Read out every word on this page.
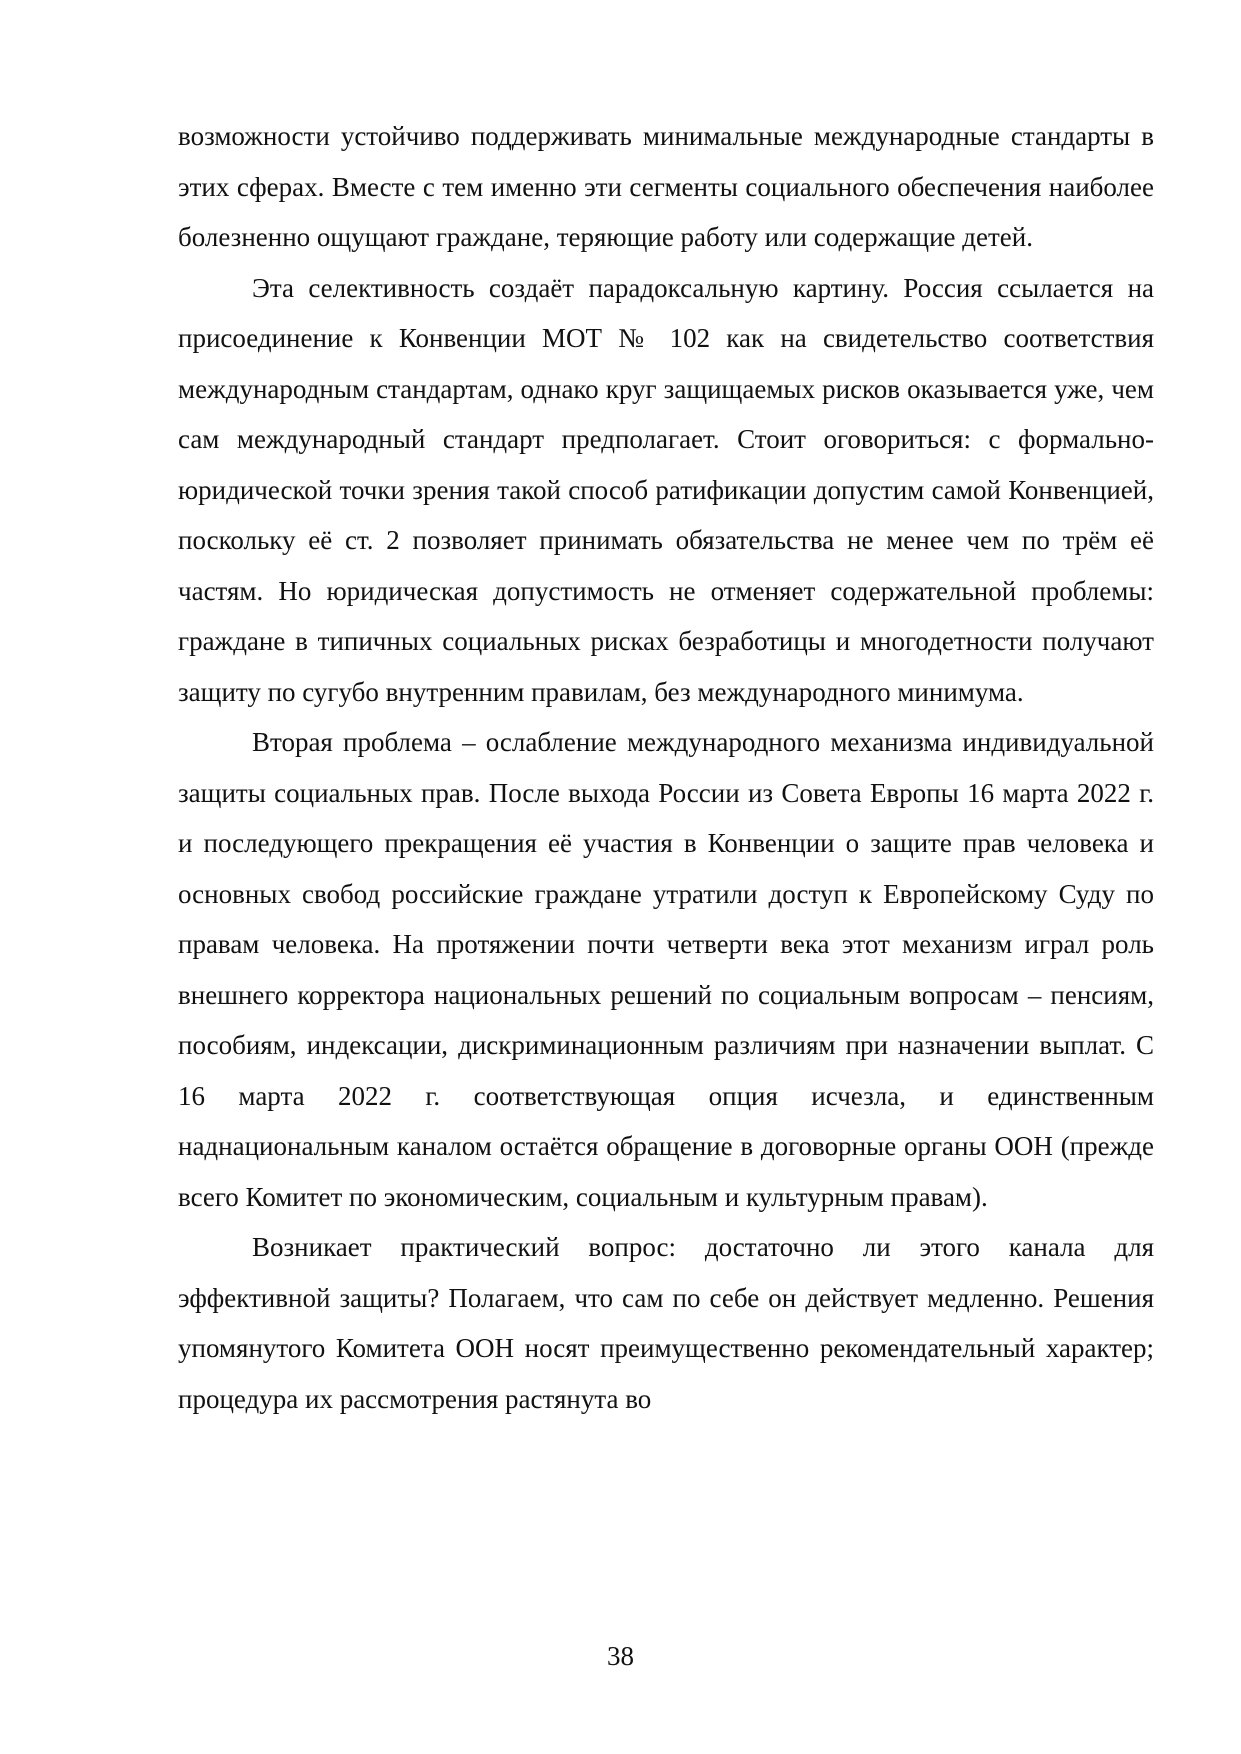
возможности устойчиво поддерживать минимальные международные стандарты в этих сферах. Вместе с тем именно эти сегменты социального обеспечения наиболее болезненно ощущают граждане, теряющие работу или содержащие детей.

Эта селективность создаёт парадоксальную картину. Россия ссылается на присоединение к Конвенции МОТ № 102 как на свидетельство соответствия международным стандартам, однако круг защищаемых рисков оказывается уже, чем сам международный стандарт предполагает. Стоит оговориться: с формально-юридической точки зрения такой способ ратификации допустим самой Конвенцией, поскольку её ст. 2 позволяет принимать обязательства не менее чем по трём её частям. Но юридическая допустимость не отменяет содержательной проблемы: граждане в типичных социальных рисках безработицы и многодетности получают защиту по сугубо внутренним правилам, без международного минимума.

Вторая проблема – ослабление международного механизма индивидуальной защиты социальных прав. После выхода России из Совета Европы 16 марта 2022 г. и последующего прекращения её участия в Конвенции о защите прав человека и основных свобод российские граждане утратили доступ к Европейскому Суду по правам человека. На протяжении почти четверти века этот механизм играл роль внешнего корректора национальных решений по социальным вопросам – пенсиям, пособиям, индексации, дискриминационным различиям при назначении выплат. С 16 марта 2022 г. соответствующая опция исчезла, и единственным наднациональным каналом остаётся обращение в договорные органы ООН (прежде всего Комитет по экономическим, социальным и культурным правам).

Возникает практический вопрос: достаточно ли этого канала для эффективной защиты? Полагаем, что сам по себе он действует медленно. Решения упомянутого Комитета ООН носят преимущественно рекомендательный характер; процедура их рассмотрения растянута во

38
